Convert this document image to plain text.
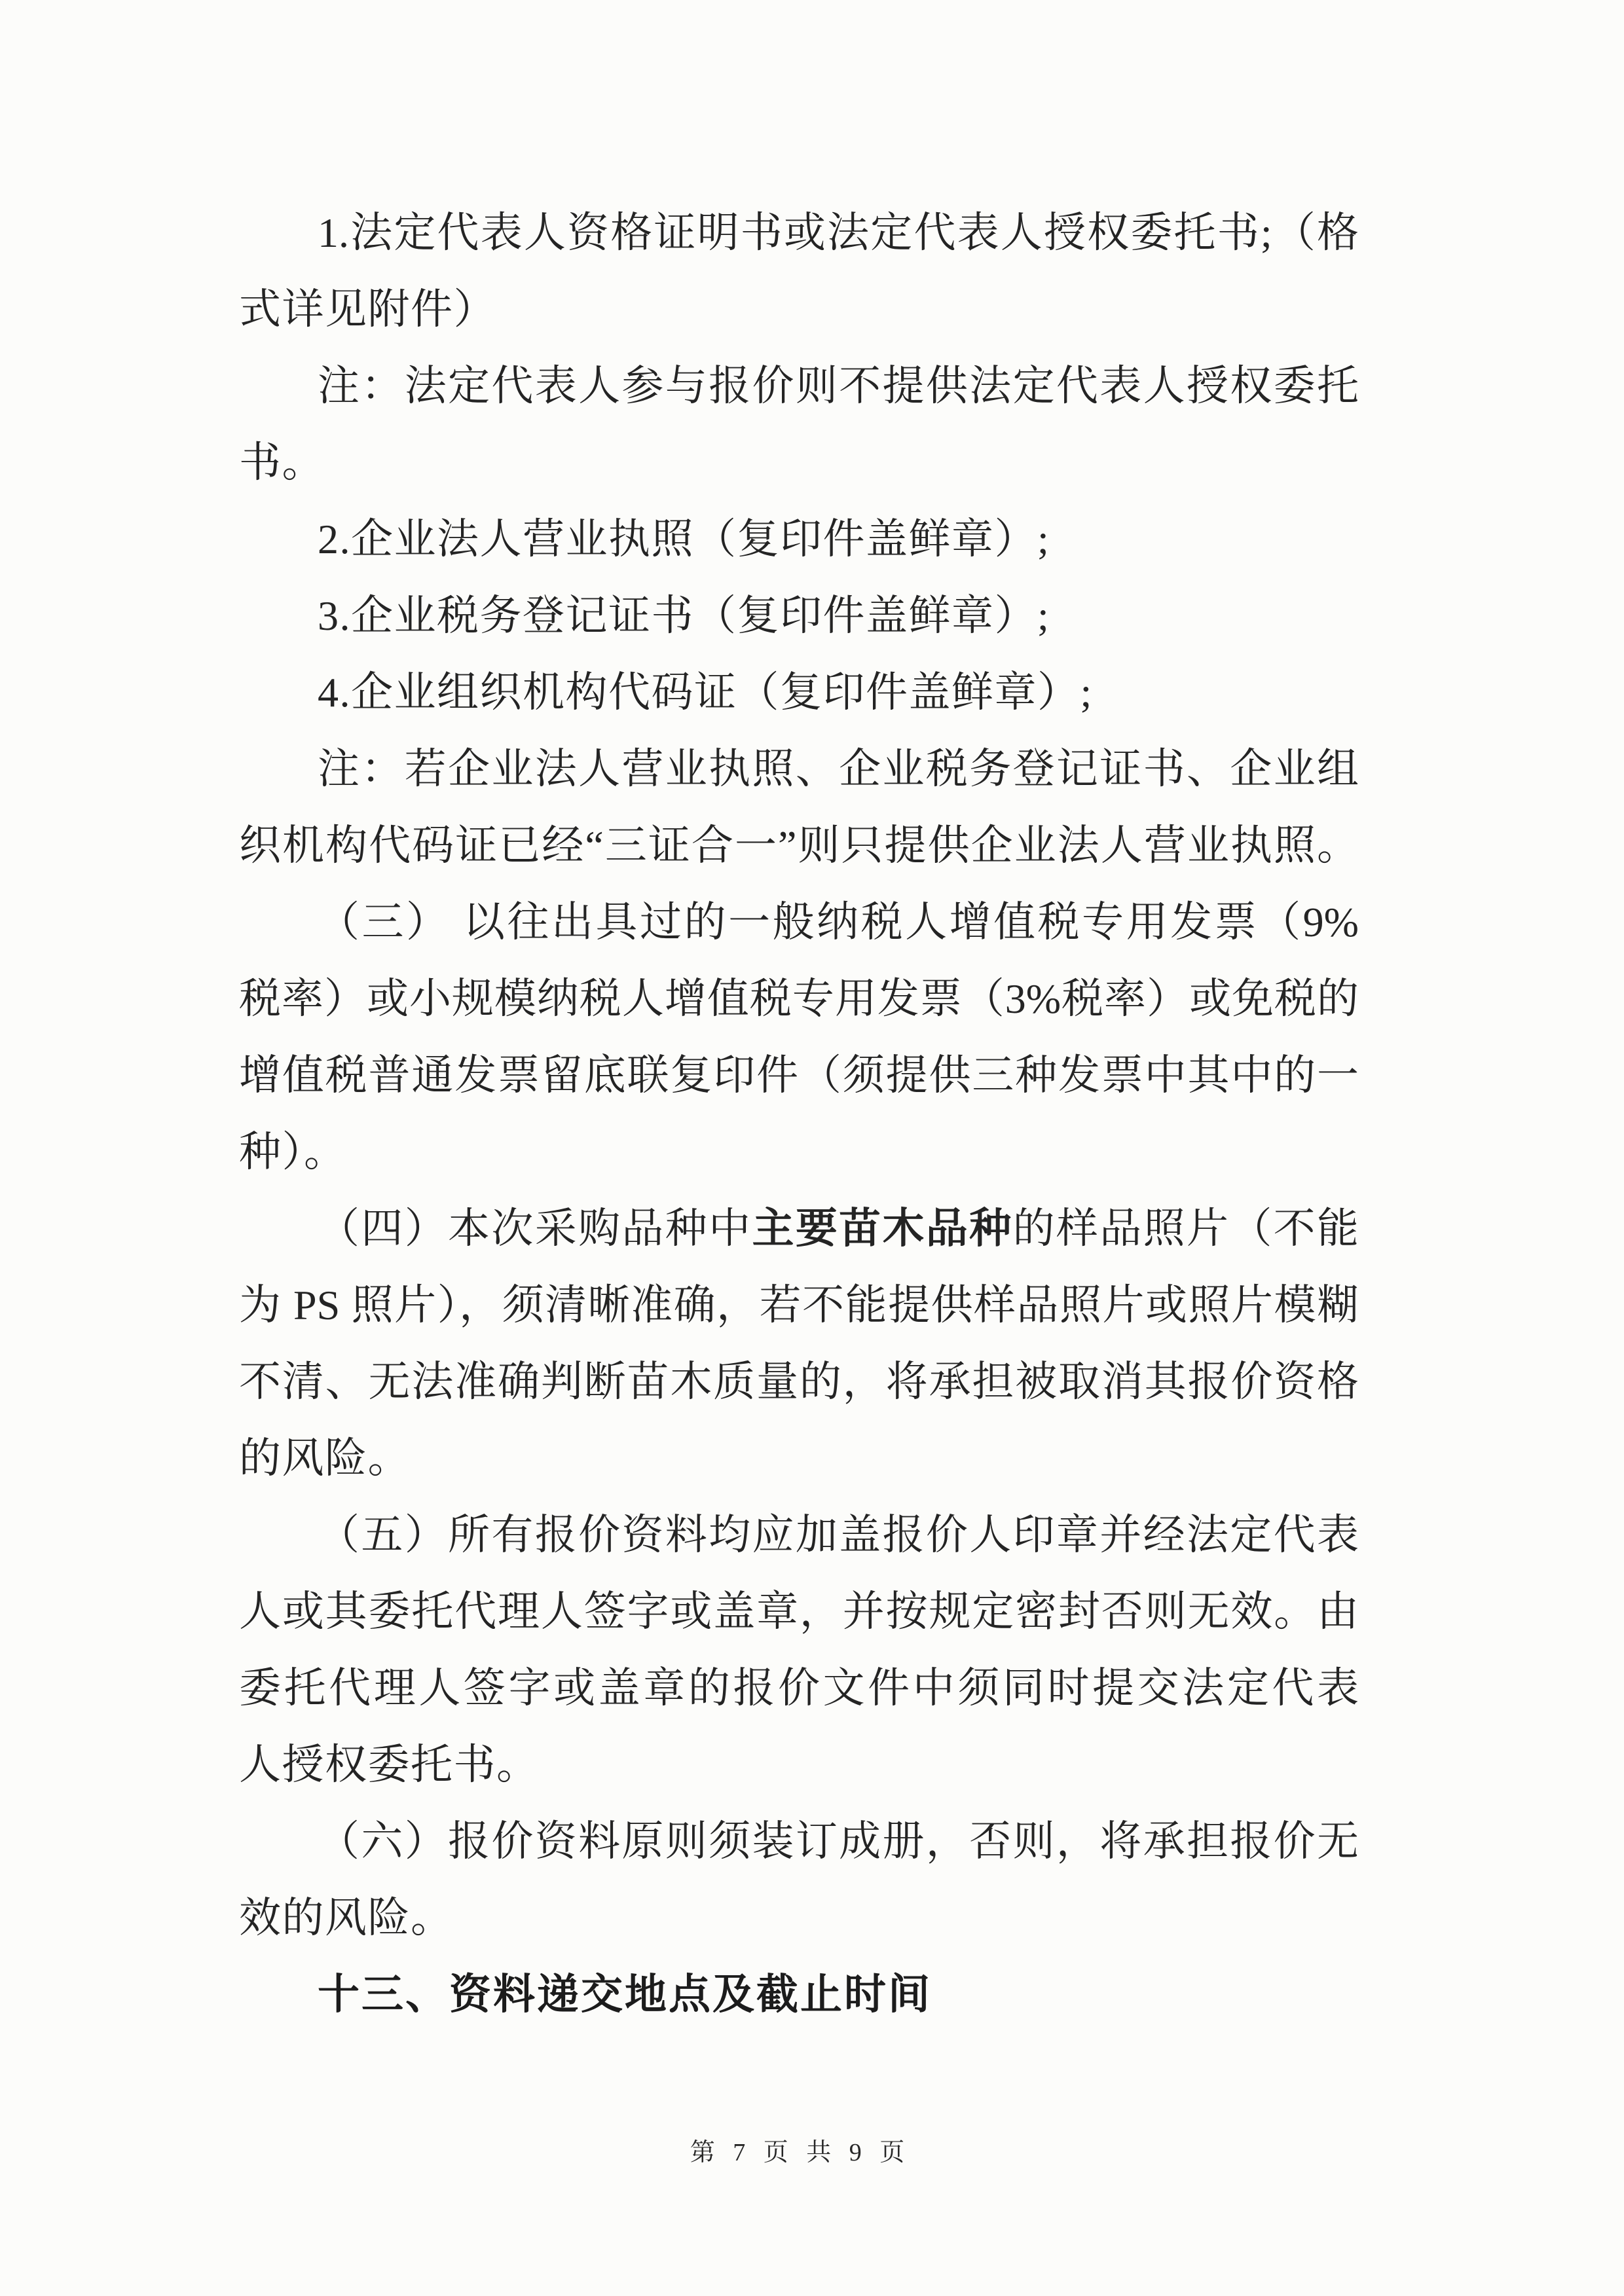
1.法定代表人资格证明书或法定代表人授权委托书;（格
式详见附件）
注：法定代表人参与报价则不提供法定代表人授权委托
书。
2.企业法人营业执照（复印件盖鲜章）;
3.企业税务登记证书（复印件盖鲜章）;
4.企业组织机构代码证（复印件盖鲜章）;
注：若企业法人营业执照、企业税务登记证书、企业组
织机构代码证已经“三证合一”则只提供企业法人营业执照。
（三） 以往出具过的一般纳税人增值税专用发票（9%
税率）或小规模纳税人增值税专用发票（3%税率）或免税的
增值税普通发票留底联复印件（须提供三种发票中其中的一
种）。
（四）本次采购品种中主要苗木品种的样品照片（不能
为 PS 照片），须清晰准确，若不能提供样品照片或照片模糊
不清、无法准确判断苗木质量的，将承担被取消其报价资格
的风险。
（五）所有报价资料均应加盖报价人印章并经法定代表
人或其委托代理人签字或盖章，并按规定密封否则无效。由
委托代理人签字或盖章的报价文件中须同时提交法定代表
人授权委托书。
（六）报价资料原则须装订成册，否则，将承担报价无
效的风险。
十三、资料递交地点及截止时间
第 7 页 共 9 页
